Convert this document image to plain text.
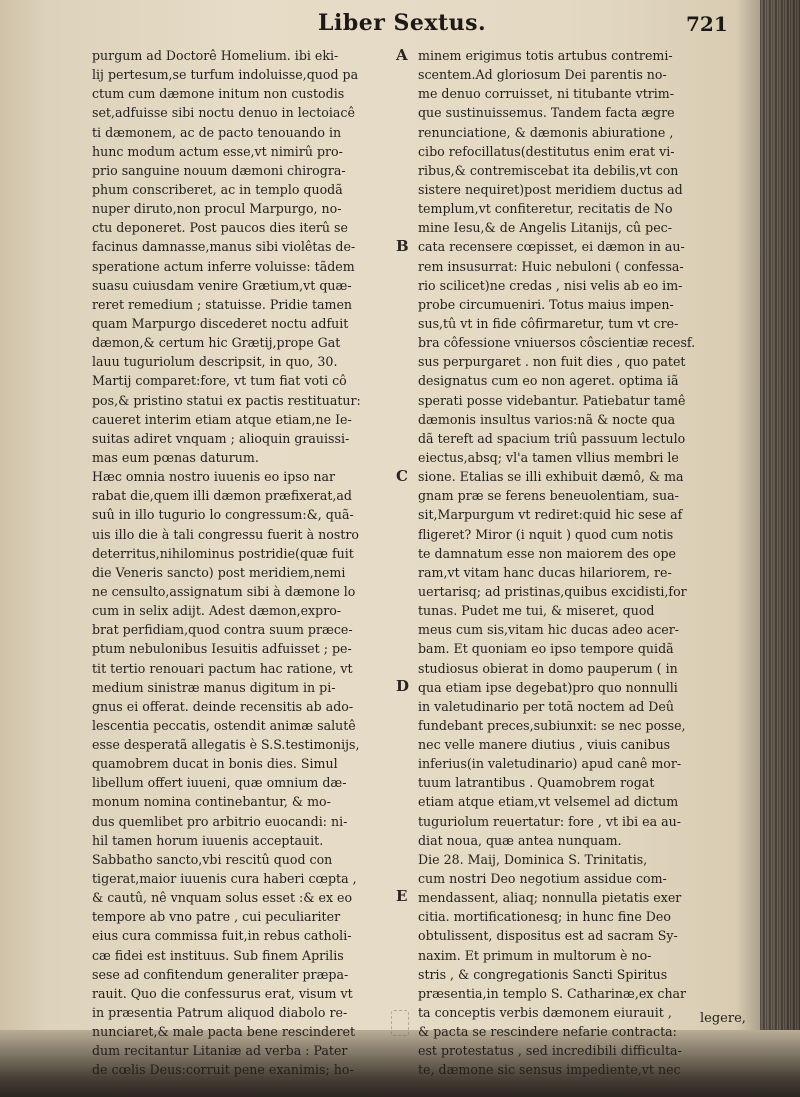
Liber Sextus.	721
A
B
C
D
E
purgum ad Doctorê Homelium. ibi eki-
lij pertesum,se turfum indoluisse,quod pa
ctum cum dæmone initum non custodis
set,adfuisse sibi noctu denuo in lectoiacê
ti dæmonem, ac de pacto tenouando in
hunc modum actum esse,vt nimirû pro-
prio sanguine nouum dæmoni chirogra-
phum conscriberet, ac in templo quodã
nuper diruto,non procul Marpurgo, no-
ctu deponeret. Post paucos dies iterû se
facinus damnasse,manus sibi violêtas de-
speratione actum inferre voluisse: tãdem
suasu cuiusdam venire Grætium,vt quæ-
reret remedium ; statuisse. Pridie tamen
quam Marpurgo discederet noctu adfuit
dæmon,& certum hic Grætij,prope Gat
lauu tuguriolum descripsit, in quo, 30.
Martij comparet:fore, vt tum fiat voti cô
pos,& pristino statui ex pactis restituatur:
caueret interim etiam atque etiam,ne Ie-
suitas adiret vnquam ; alioquin grauissi-
mas eum pœnas daturum.
Hæc omnia nostro iuuenis eo ipso nar
rabat die,quem illi dæmon præfixerat,ad
suû in illo tugurio lo congressum:&, quã-
uis illo die à tali congressu fuerit à nostro
deterritus,nihilominus postridie(quæ fuit
die Veneris sancto) post meridiem,nemi
ne censulto,assignatum sibi à dæmone lo
cum in selix adijt. Adest dæmon,expro-
brat perfidiam,quod contra suum præce-
ptum nebulonibus Iesuitis adfuisset ; pe-
tit tertio renouari pactum hac ratione, vt
medium sinistræ manus digitum in pi-
gnus ei offerat. deinde recensitis ab ado-
lescentia peccatis, ostendit animæ salutê
esse desperatã allegatis è S.S.testimonijs,
quamobrem ducat in bonis dies. Simul
libellum offert iuueni, quæ omnium dæ-
monum nomina continebantur, & mo-
dus quemlibet pro arbitrio euocandi: ni-
hil tamen horum iuuenis acceptauit.
Sabbatho sancto,vbi rescitû quod con
tigerat,maior iuuenis cura haberi cœpta ,
& cautû, nê vnquam solus esset :& ex eo
tempore ab vno patre , cui peculiariter
eius cura commissa fuit,in rebus catholi-
cæ fidei est instituus. Sub finem Aprilis
sese ad confitendum generaliter præpa-
rauit. Quo die confessurus erat, visum vt
in præsentia Patrum aliquod diabolo re-
nunciaret,& male pacta bene rescinderet
dum recitantur Litaniæ ad verba : Pater
de cœlis Deus:corruit pene exanimis; ho-
minem erigimus totis artubus contremi-
scentem.Ad gloriosum Dei parentis no-
me denuo corruisset, ni titubante vtrim-
que sustinuissemus. Tandem facta ægre
renunciatione, & dæmonis abiuratione ,
cibo refocillatus(destitutus enim erat vi-
ribus,& contremiscebat ita debilis,vt con
sistere nequiret)post meridiem ductus ad
templum,vt confiteretur, recitatis de No
mine Iesu,& de Angelis Litanijs, cû pec-
cata recensere cœpisset, ei dæmon in au-
rem insusurrat: Huic nebuloni ( confessa-
rio scilicet)ne credas , nisi velis ab eo im-
probe circumueniri. Totus maius impen-
sus,tû vt in fide côfirmaretur, tum vt cre-
bra côfessione vniuersos côscientiæ recesf.
sus perpurgaret . non fuit dies , quo patet
designatus cum eo non ageret. optima iã
sperati posse videbantur. Patiebatur tamê
dæmonis insultus varios:nã & nocte qua
dã tereft ad spacium triû passuum lectulo
eiectus,absq; vl'a tamen vllius membri le
sione. Etalias se illi exhibuit dæmô, & ma
gnam præ se ferens beneuolentiam, sua-
sit,Marpurgum vt rediret:quid hic sese af
fligeret? Miror (i nquit ) quod cum notis
te damnatum esse non maiorem des ope
ram,vt vitam hanc ducas hilariorem, re-
uertarisq; ad pristinas,quibus excidisti,for
tunas. Pudet me tui, & miseret, quod
meus cum sis,vitam hic ducas adeo acer-
bam. Et quoniam eo ipso tempore quidã
studiosus obierat in domo pauperum ( in
qua etiam ipse degebat)pro quo nonnulli
in valetudinario per totã noctem ad Deû
fundebant preces,subiunxit: se nec posse,
nec velle manere diutius , viuis canibus
inferius(in valetudinario) apud canê mor-
tuum latrantibus . Quamobrem rogat
etiam atque etiam,vt velsemel ad dictum
tuguriolum reuertatur: fore , vt ibi ea au-
diat noua, quæ antea nunquam.
Die 28. Maij, Dominica S. Trinitatis,
cum nostri Deo negotium assidue com-
mendassent, aliaq; nonnulla pietatis exer
citia. mortificationesq; in hunc fine Deo
obtulissent, dispositus est ad sacram Sy-
naxim. Et primum in multorum è no-
stris , & congregationis Sancti Spiritus
præsentia,in templo S. Catharinæ,ex char
ta conceptis verbis dæmonem eiurauit ,
& pacta se rescindere nefarie contracta:
est protestatus , sed incredibili difficulta-
te, dæmone sic sensus impediente,vt nec
legere,
